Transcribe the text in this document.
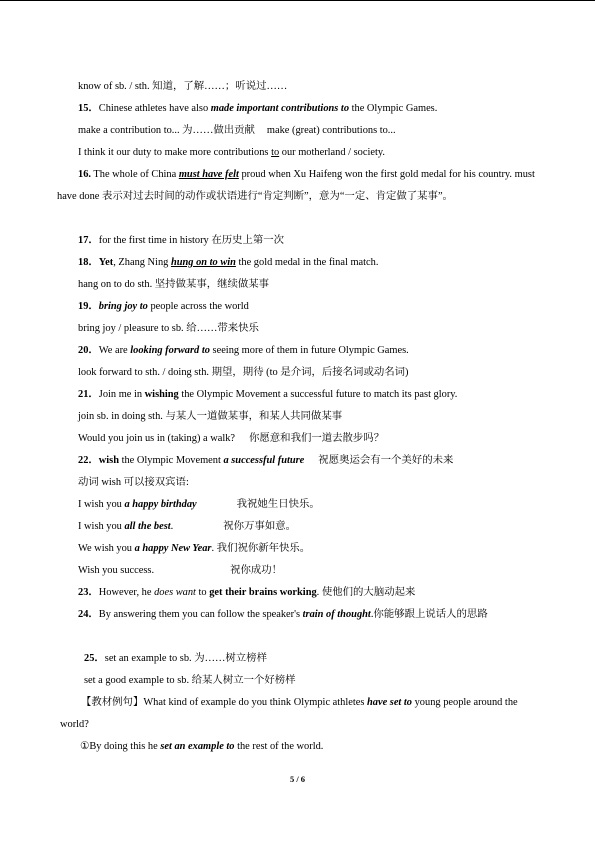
know of sb. / sth. 知道，了解……；听说过……
15．Chinese athletes have also made important contributions to the Olympic Games.
make a contribution to... 为……做出贡献 make (great) contributions to...
I think it our duty to make more contributions to our motherland / society.
16. The whole of China must have felt proud when Xu Haifeng won the first gold medal for his country. must have done 表示对过去时间的动作或状语进行“肯定判断”，意为“一定、肯定做了某事”。
17．for the first time in history 在历史上第一次
18．Yet, Zhang Ning hung on to win the gold medal in the final match.
hang on to do sth. 坚持做某事，继续做某事
19．bring joy to people across the world
bring joy / pleasure to sb. 给……带来快乐
20．We are looking forward to seeing more of them in future Olympic Games.
look forward to sth. / doing sth. 期望，期待 (to 是介词，后接名词或动名词)
21．Join me in wishing the Olympic Movement a successful future to match its past glory.
join sb. in doing sth. 与某人一道做某事，和某人共同做某事
Would you join us in (taking) a walk? 你愿意和我们一道去散步吗？
22．wish the Olympic Movement a successful future 祝愿奥运会有一个美好的未来
动词 wish 可以接双宾语:
I wish you a happy birthday	我祝她生日快乐。
I wish you all the best.	祝你万事如意。
We wish you a happy New Year. 我们祝你新年快乐。
Wish you success.	祝你成功！
23．However, he does want to get their brains working. 使他们的大脑动起来
24．By answering them you can follow the speaker's train of thought.你能够跟上说话人的思路
25．set an example to sb. 为……树立榜样
set a good example to sb. 给某人树立一个好榜样
【教材例句】What kind of example do you think Olympic athletes have set to young people around the world?
①By doing this he set an example to the rest of the world.
5 / 6
